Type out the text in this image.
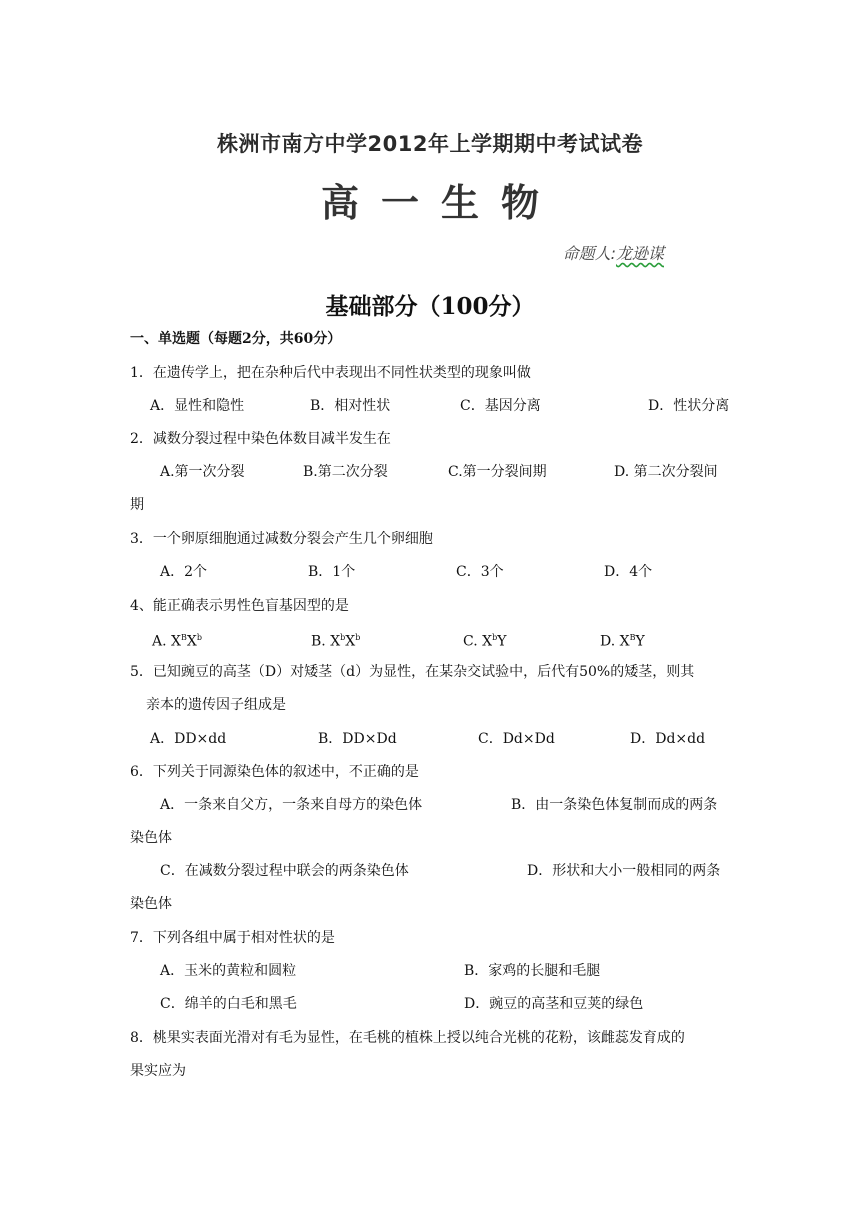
株洲市南方中学2012年上学期期中考试试卷
高一生物
命题人:龙逊谋
基础部分（100分）
一、单选题（每题2分，共60分）
1．在遗传学上，把在杂种后代中表现出不同性状类型的现象叫做
A．显性和隐性	B．相对性状	C．基因分离	D．性状分离
2．减数分裂过程中染色体数目减半发生在
A.第一次分裂	B.第二次分裂	C.第一分裂间期	D. 第二次分裂间
期
3．一个卵原细胞通过减数分裂会产生几个卵细胞
A．2个	B．1个	C．3个	D．4个
4、能正确表示男性色盲基因型的是
A. $X^BX^b$	B. $X^bX^b$	C. $X^bY$	D. $X^BY$
5．已知豌豆的高茎（D）对矮茎（d）为显性，在某杂交试验中，后代有50%的矮茎，则其
亲本的遗传因子组成是
A．DD×dd	B．DD×Dd	C．Dd×Dd	D．Dd×dd
6．下列关于同源染色体的叙述中，不正确的是
A．一条来自父方，一条来自母方的染色体	B．由一条染色体复制而成的两条
染色体
C．在减数分裂过程中联会的两条染色体	D．形状和大小一般相同的两条
染色体
7．下列各组中属于相对性状的是
A．玉米的黄粒和圆粒	B．家鸡的长腿和毛腿
C．绵羊的白毛和黑毛	D．豌豆的高茎和豆荚的绿色
8．桃果实表面光滑对有毛为显性，在毛桃的植株上授以纯合光桃的花粉，该雌蕊发育成的
果实应为
